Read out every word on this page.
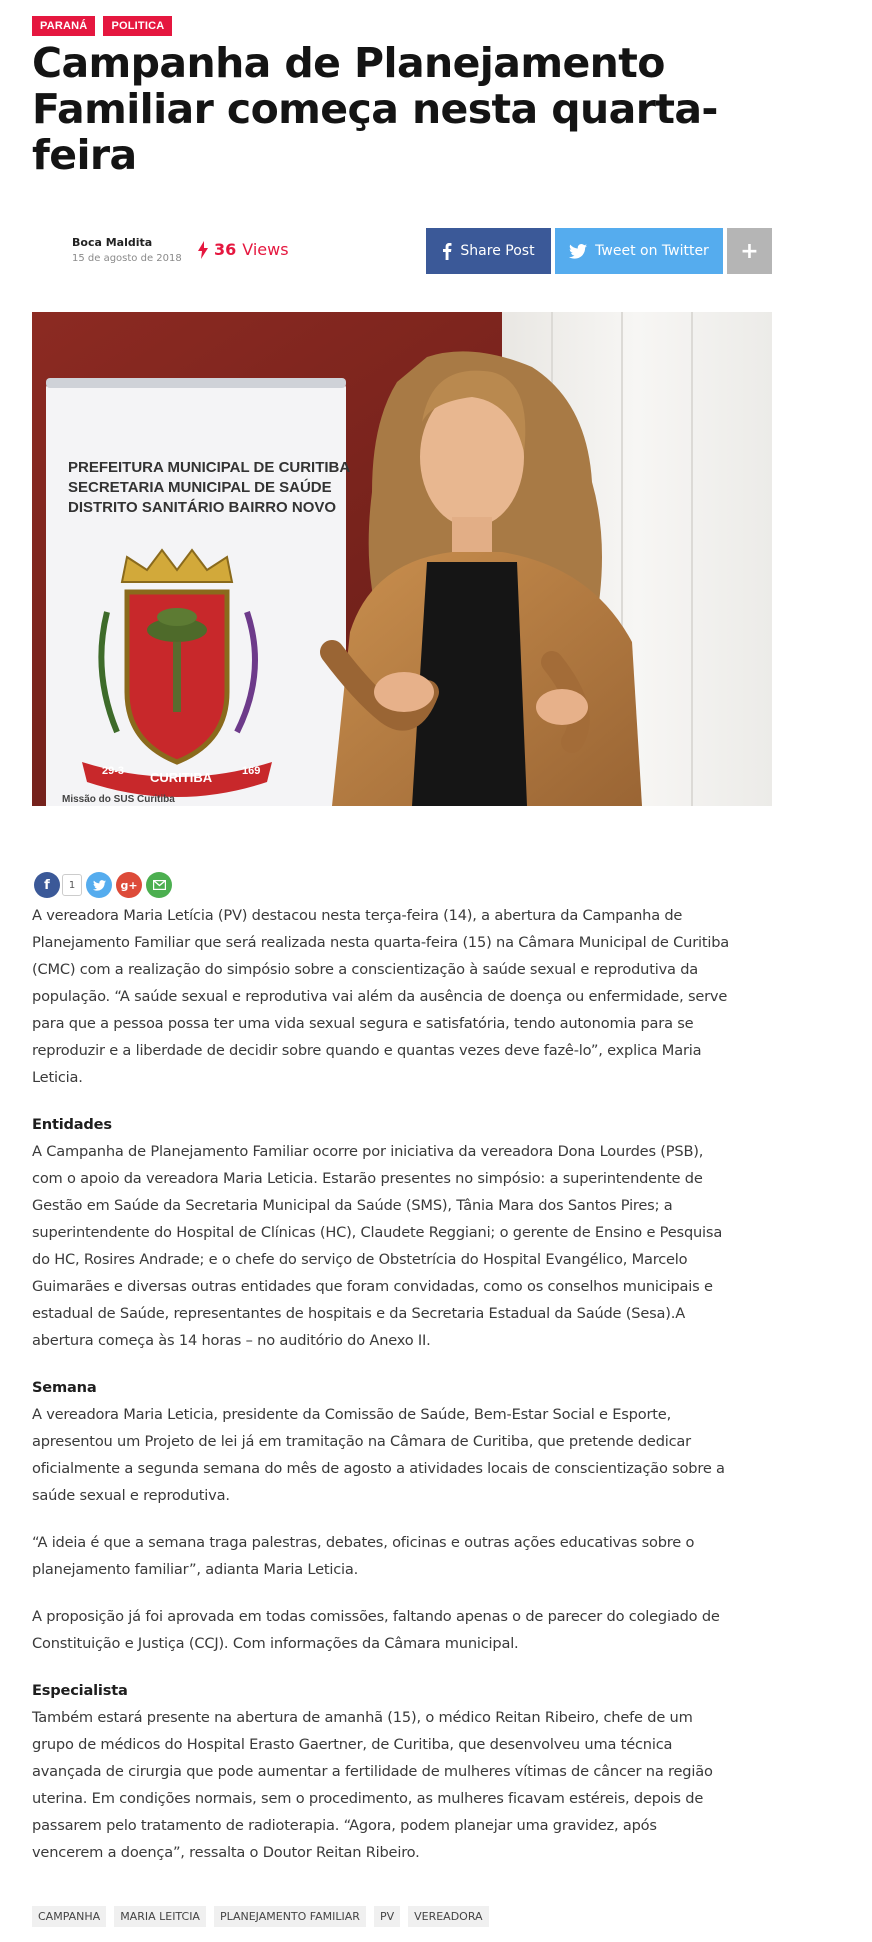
PARANÁ	POLITICA
Campanha de Planejamento Familiar começa nesta quarta-feira
Boca Maldita
15 de agosto de 2018 36 Views	Share Post	Tweet on Twitter	+
PREFEITURA MUNICIPAL DE CURITIBA
SECRETARIA MUNICIPAL DE SAÚDE
DISTRITO SANITÁRIO BAIRRO NOVO
CURITIBA
29-3	169
Missão do SUS Curitiba
f	1	g+

A vereadora Maria Letícia (PV) destacou nesta terça-feira (14), a abertura da Campanha de Planejamento Familiar que será realizada nesta quarta-feira (15) na Câmara Municipal de Curitiba (CMC) com a realização do simpósio sobre a conscientização à saúde sexual e reprodutiva da população. “A saúde sexual e reprodutiva vai além da ausência de doença ou enfermidade, serve para que a pessoa possa ter uma vida sexual segura e satisfatória, tendo autonomia para se reproduzir e a liberdade de decidir sobre quando e quantas vezes deve fazê-lo”, explica Maria Leticia.

Entidades
A Campanha de Planejamento Familiar ocorre por iniciativa da vereadora Dona Lourdes (PSB), com o apoio da vereadora Maria Leticia. Estarão presentes no simpósio: a superintendente de Gestão em Saúde da Secretaria Municipal da Saúde (SMS), Tânia Mara dos Santos Pires; a superintendente do Hospital de Clínicas (HC), Claudete Reggiani; o gerente de Ensino e Pesquisa do HC, Rosires Andrade; e o chefe do serviço de Obstetrícia do Hospital Evangélico, Marcelo Guimarães e diversas outras entidades que foram convidadas, como os conselhos municipais e estadual de Saúde, representantes de hospitais e da Secretaria Estadual da Saúde (Sesa).A abertura começa às 14 horas – no auditório do Anexo II.

Semana
A vereadora Maria Leticia, presidente da Comissão de Saúde, Bem-Estar Social e Esporte, apresentou um Projeto de lei já em tramitação na Câmara de Curitiba, que pretende dedicar oficialmente a segunda semana do mês de agosto a atividades locais de conscientização sobre a saúde sexual e reprodutiva.

“A ideia é que a semana traga palestras, debates, oficinas e outras ações educativas sobre o planejamento familiar”, adianta Maria Leticia.

A proposição já foi aprovada em todas comissões, faltando apenas o de parecer do colegiado de Constituição e Justiça (CCJ). Com informações da Câmara municipal.

Especialista
Também estará presente na abertura de amanhã (15), o médico Reitan Ribeiro, chefe de um grupo de médicos do Hospital Erasto Gaertner, de Curitiba, que desenvolveu uma técnica avançada de cirurgia que pode aumentar a fertilidade de mulheres vítimas de câncer na região uterina. Em condições normais, sem o procedimento, as mulheres ficavam estéreis, depois de passarem pelo tratamento de radioterapia. “Agora, podem planejar uma gravidez, após vencerem a doença”, ressalta o Doutor Reitan Ribeiro.

CAMPANHA	MARIA LEITCIA	PLANEJAMENTO FAMILIAR	PV	VEREADORA
